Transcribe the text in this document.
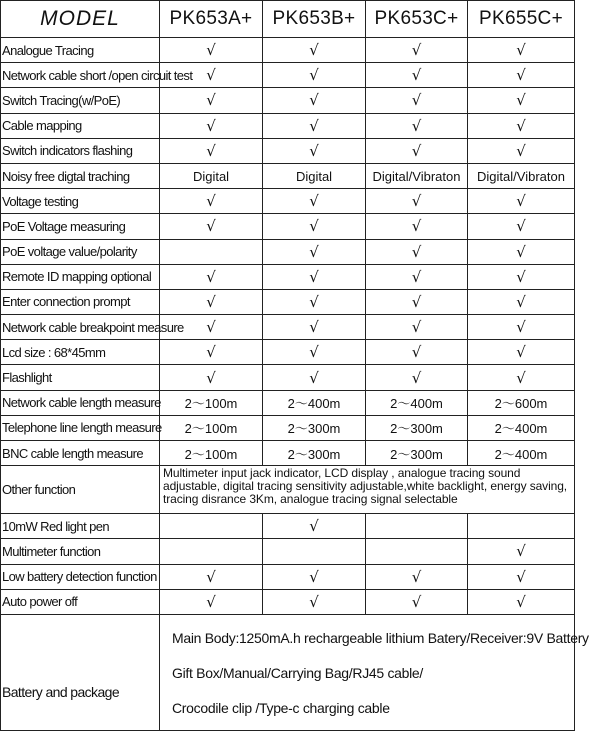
MODEL	PK653A+	PK653B+	PK653C+	PK655C+
Analogue Tracing	√	√	√	√
Network cable short /open circuit test	√	√	√	√
Switch Tracing(w/PoE)	√	√	√	√
Cable mapping	√	√	√	√
Switch indicators flashing	√	√	√	√
Noisy free digtal traching	Digital	Digital	Digital/Vibraton	Digital/Vibraton
Voltage testing	√	√	√	√
PoE Voltage measuring	√	√	√	√
PoE voltage value/polarity		√	√	√
Remote ID mapping optional	√	√	√	√
Enter connection prompt	√	√	√	√
Network cable breakpoint measure	√	√	√	√
Lcd size : 68*45mm	√	√	√	√
Flashlight	√	√	√	√
Network cable length measure	2～100m	2～400m	2～400m	2～600m
Telephone line length measure	2～100m	2～300m	2～300m	2～400m
BNC cable length measure	2～100m	2～300m	2～300m	2～400m
Other function	Multimeter input jack indicator, LCD display , analogue tracing sound adjustable, digital tracing sensitivity adjustable,white backlight, energy saving, tracing disrance 3Km, analogue tracing signal selectable			
10mW Red light pen		√		
Multimeter function				√
Low battery detection function	√	√	√	√
Auto power off	√	√	√	√
Battery and package	Main Body:1250mA.h rechargeable lithium Batery/Receiver:9V Battery
Gift Box/Manual/Carrying Bag/RJ45 cable/
Crocodile clip /Type-c charging cable			
